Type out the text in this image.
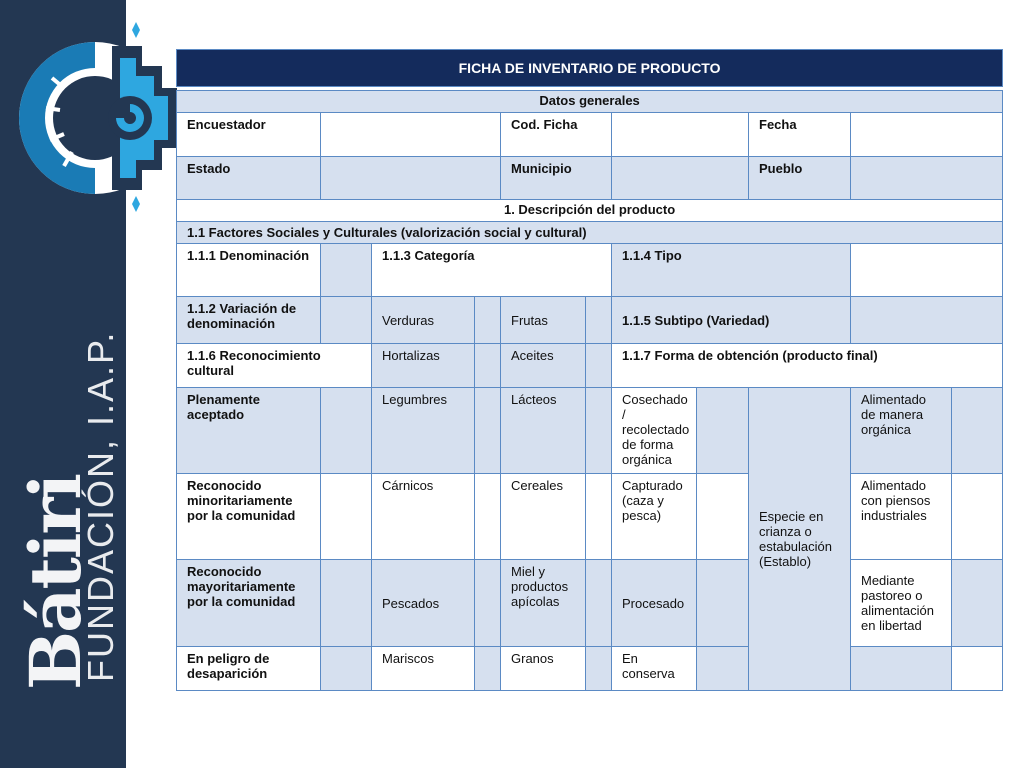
Bátiri
FUNDACIÓN, I.A.P.
FICHA DE INVENTARIO DE PRODUCTO										

Datos generales										
Encuestador				Cod. Ficha				Fecha		
Estado				Municipio				Pueblo		
1. Descripción del producto										
1.1 Factores Sociales y Culturales (valorización social y cultural)										
1.1.1 Denominación		1.1.3 Categoría				1.1.4 Tipo				
1.1.2 Variación de denominación		Verduras		Frutas		1.1.5 Subtipo (Variedad)				
1.1.6 Reconocimiento cultural		Hortalizas		Aceites		1.1.7 Forma de obtención (producto final)				
Plenamente aceptado		Legumbres		Lácteos		Cosechado / recolectado de forma orgánica		Especie en crianza o estabulación (Establo)	Alimentado de manera orgánica	
Reconocido minoritariamente por la comunidad		Cárnicos		Cereales		Capturado (caza y pesca)			Alimentado con piensos industriales	
Reconocido mayoritariamente por la comunidad		Pescados		Miel y productos apícolas		Procesado			Mediante pastoreo o alimentación en libertad	
En peligro de desaparición		Mariscos		Granos		En conserva				
